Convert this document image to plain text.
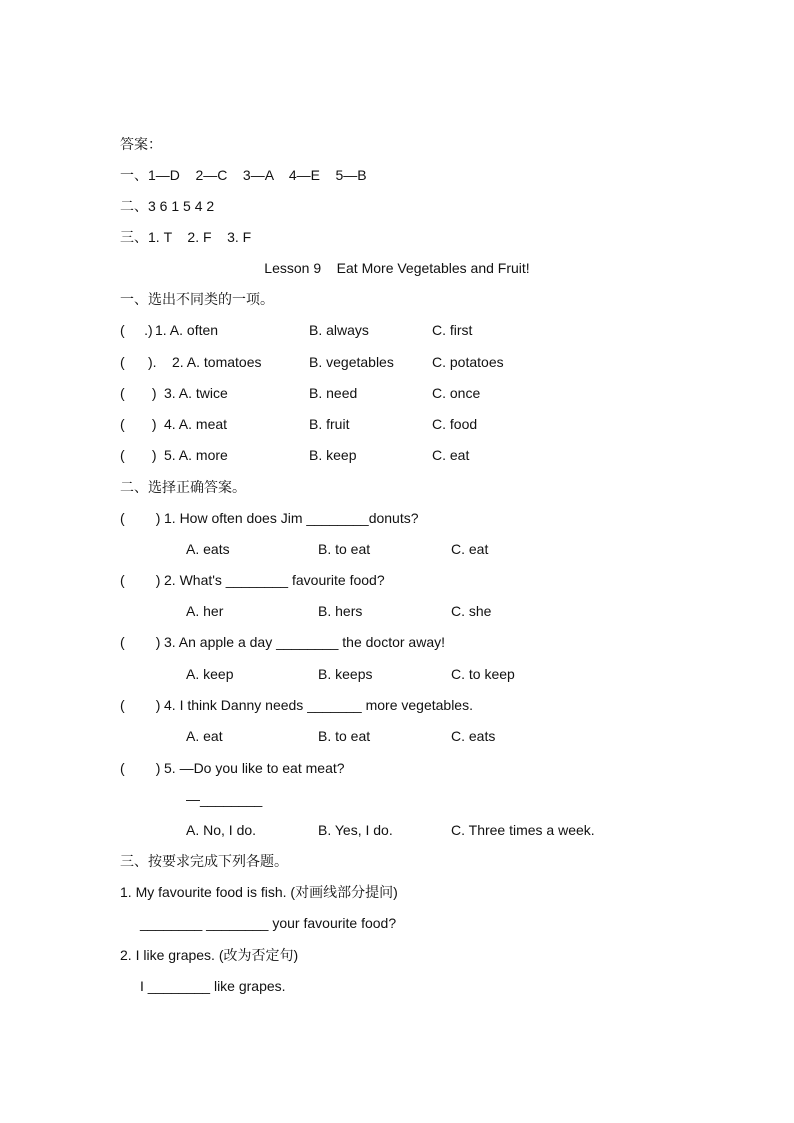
答案：
一、1—D    2—C    3—A    4—E    5—B
二、3 6 1 5 4 2
三、1. T    2. F    3. F
Lesson 9    Eat More Vegetables and Fruit!
一、选出不同类的一项。
(     .) 1. A. often	B. always	C. first
(      ). 2. A. tomatoes	B. vegetables	C. potatoes
(       ) 3. A. twice	B. need	C. once
(       ) 4. A. meat	B. fruit	C. food
(       ) 5. A. more	B. keep	C. eat
二、选择正确答案。
(        ) 1. How often does Jim ________donuts?
A. eats	B. to eat	C. eat
(        ) 2. What's ________ favourite food?
A. her	B. hers	C. she
(        ) 3. An apple a day ________ the doctor away!
A. keep	B. keeps	C. to keep
(        ) 4. I think Danny needs _______ more vegetables.
A. eat	B. to eat	C. eats
(        ) 5. —Do you like to eat meat?
—________
A. No, I do.	B. Yes, I do.	C. Three times a week.
三、按要求完成下列各题。
1. My favourite food is fish. (对画线部分提问)
________ ________ your favourite food?
2. I like grapes. (改为否定句)
I ________ like grapes.
